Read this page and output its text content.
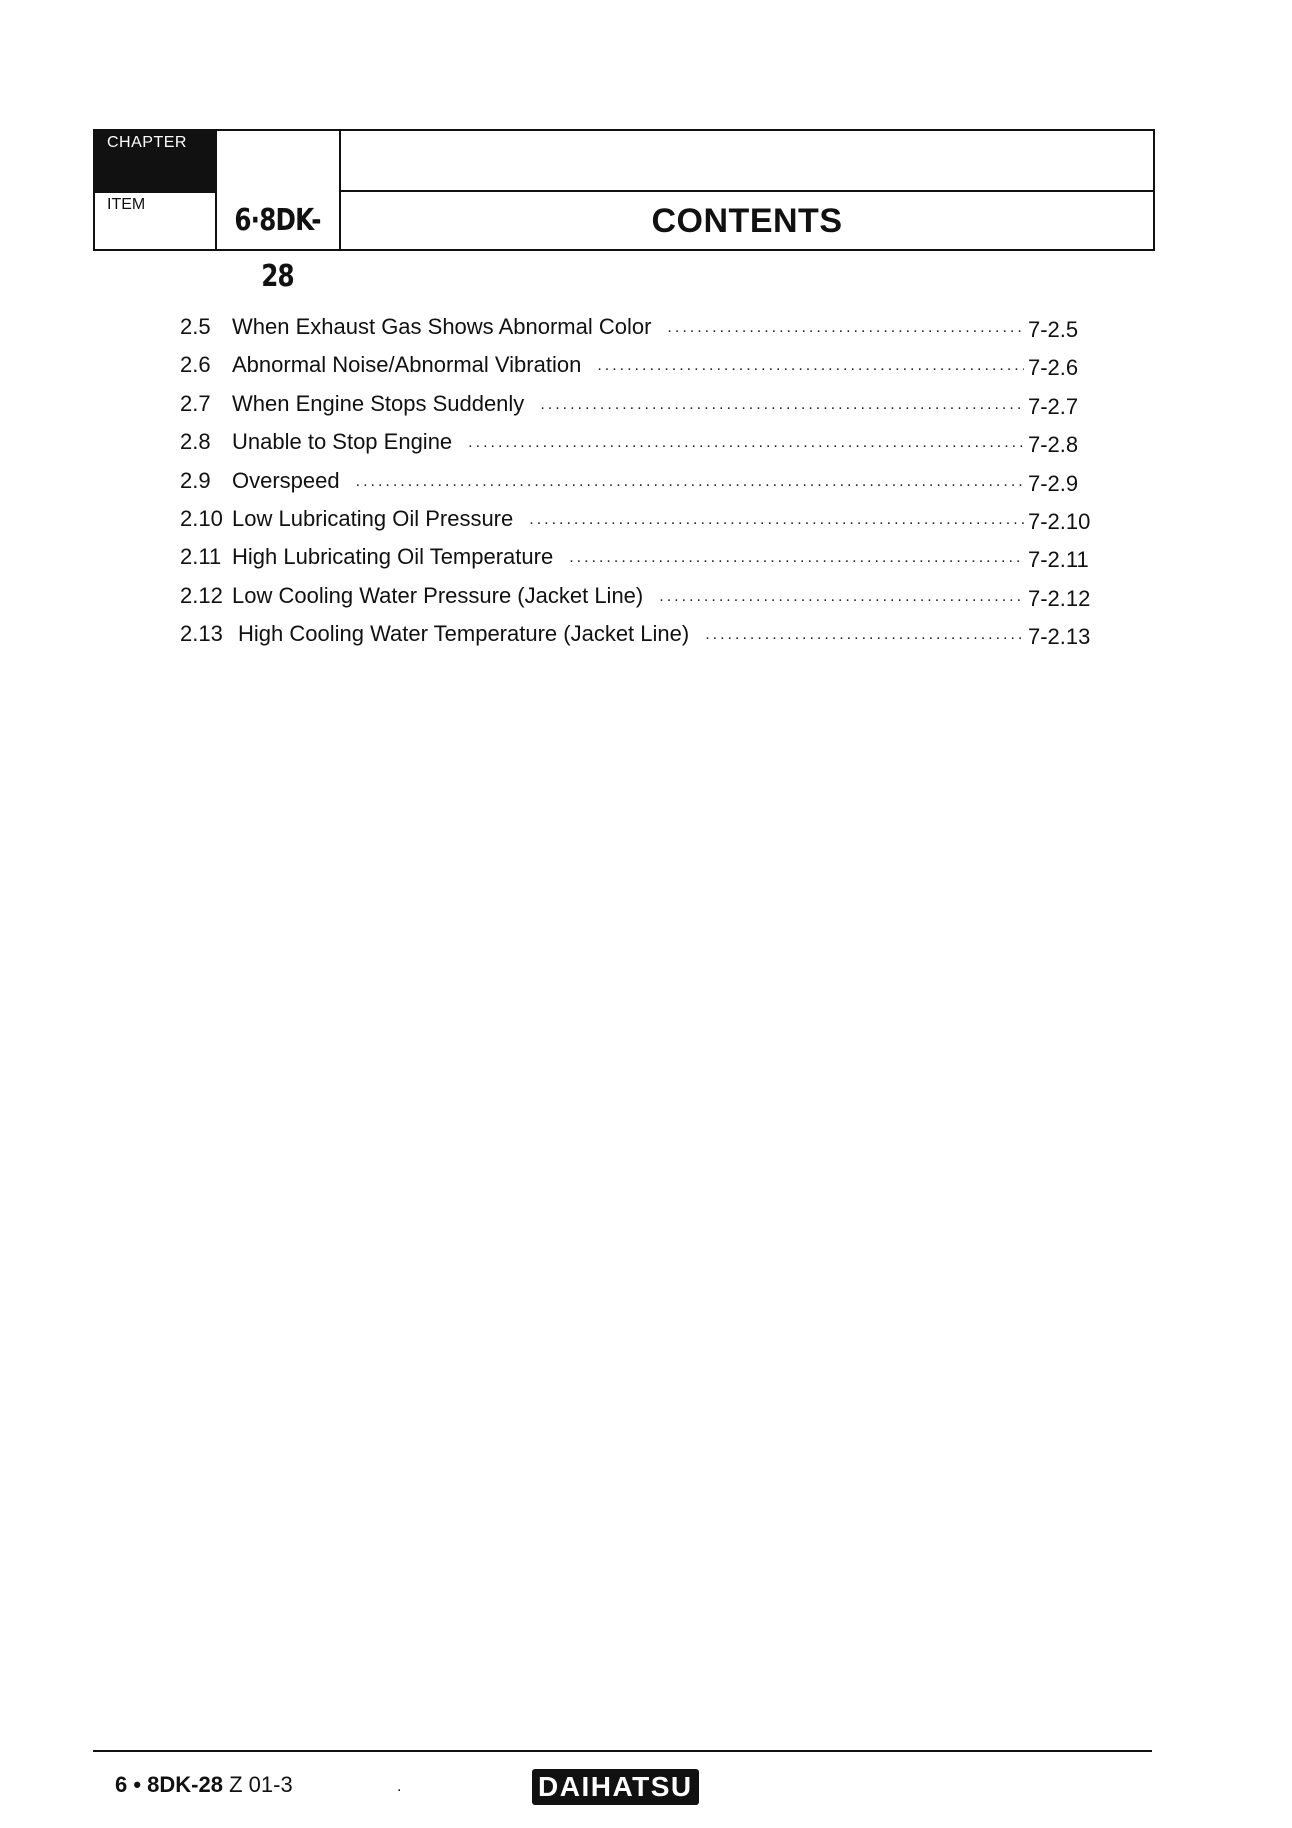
CHAPTER
ITEM	6·8DK-28
CONTENTS
2.5 When Exhaust Gas Shows Abnormal Color .....	7-2.5
2.6 Abnormal Noise/Abnormal Vibration .....	7-2.6
2.7 When Engine Stops Suddenly .....	7-2.7
2.8 Unable to Stop Engine .....	7-2.8
2.9 Overspeed .....	7-2.9
2.10 Low Lubricating Oil Pressure .....	7-2.10
2.11 High Lubricating Oil Temperature .....	7-2.11
2.12 Low Cooling Water Pressure (Jacket Line) .....	7-2.12
2.13 High Cooling Water Temperature (Jacket Line) .....	7-2.13
6 • 8DK-28 Z 01-3	.	DAIHATSU
